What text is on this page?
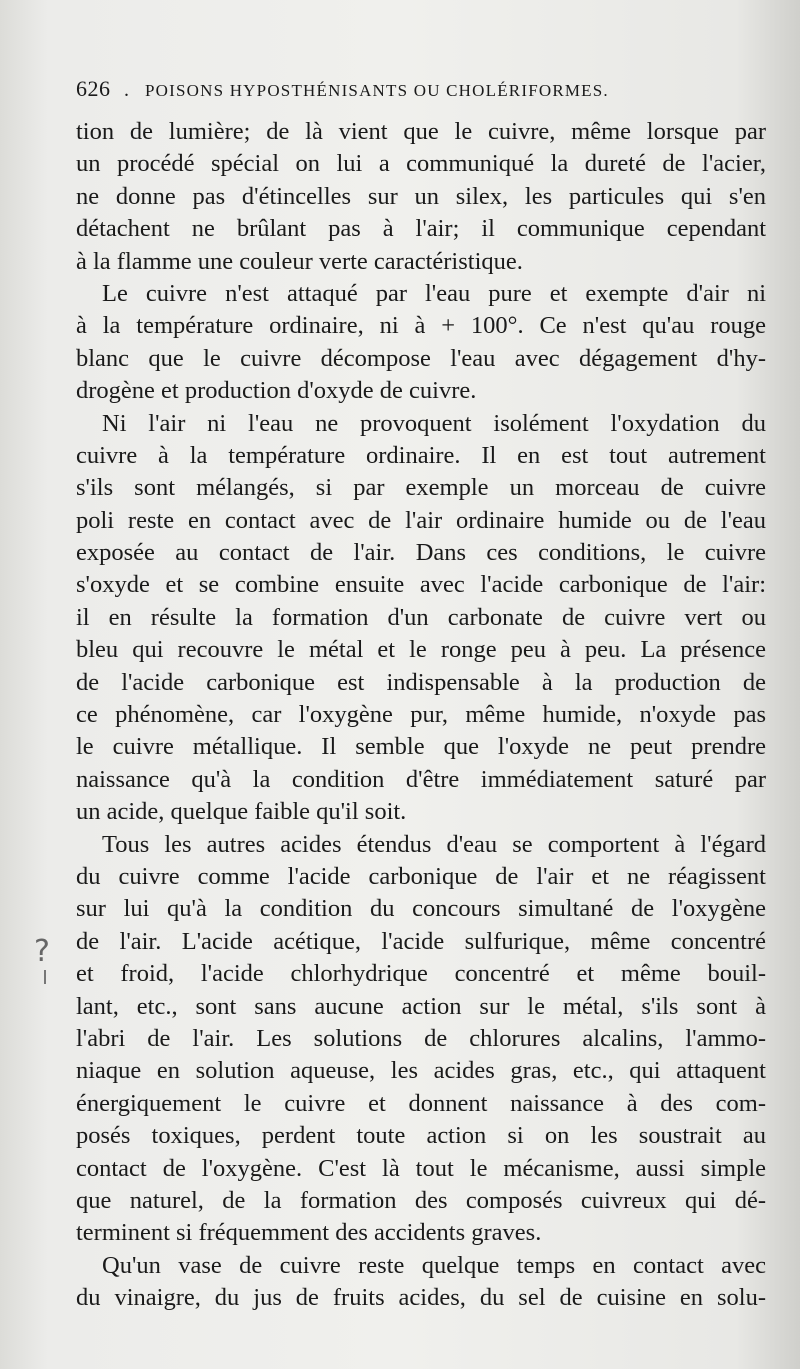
626 . POISONS HYPOSTHÉNISANTS OU CHOLÉRIFORMES.
?
tion de lumière; de là vient que le cuivre, même lorsque par
un procédé spécial on lui a communiqué la dureté de l'acier,
ne donne pas d'étincelles sur un silex, les particules qui s'en
détachent ne brûlant pas à l'air; il communique cependant
à la flamme une couleur verte caractéristique.
Le cuivre n'est attaqué par l'eau pure et exempte d'air ni
à la température ordinaire, ni à + 100°. Ce n'est qu'au rouge
blanc que le cuivre décompose l'eau avec dégagement d'hy-
drogène et production d'oxyde de cuivre.
Ni l'air ni l'eau ne provoquent isolément l'oxydation du
cuivre à la température ordinaire. Il en est tout autrement
s'ils sont mélangés, si par exemple un morceau de cuivre
poli reste en contact avec de l'air ordinaire humide ou de l'eau
exposée au contact de l'air. Dans ces conditions, le cuivre
s'oxyde et se combine ensuite avec l'acide carbonique de l'air:
il en résulte la formation d'un carbonate de cuivre vert ou
bleu qui recouvre le métal et le ronge peu à peu. La présence
de l'acide carbonique est indispensable à la production de
ce phénomène, car l'oxygène pur, même humide, n'oxyde pas
le cuivre métallique. Il semble que l'oxyde ne peut prendre
naissance qu'à la condition d'être immédiatement saturé par
un acide, quelque faible qu'il soit.
Tous les autres acides étendus d'eau se comportent à l'égard
du cuivre comme l'acide carbonique de l'air et ne réagissent
sur lui qu'à la condition du concours simultané de l'oxygène
de l'air. L'acide acétique, l'acide sulfurique, même concentré
et froid, l'acide chlorhydrique concentré et même bouil-
lant, etc., sont sans aucune action sur le métal, s'ils sont à
l'abri de l'air. Les solutions de chlorures alcalins, l'ammo-
niaque en solution aqueuse, les acides gras, etc., qui attaquent
énergiquement le cuivre et donnent naissance à des com-
posés toxiques, perdent toute action si on les soustrait au
contact de l'oxygène. C'est là tout le mécanisme, aussi simple
que naturel, de la formation des composés cuivreux qui dé-
terminent si fréquemment des accidents graves.
Qu'un vase de cuivre reste quelque temps en contact avec
du vinaigre, du jus de fruits acides, du sel de cuisine en solu-
